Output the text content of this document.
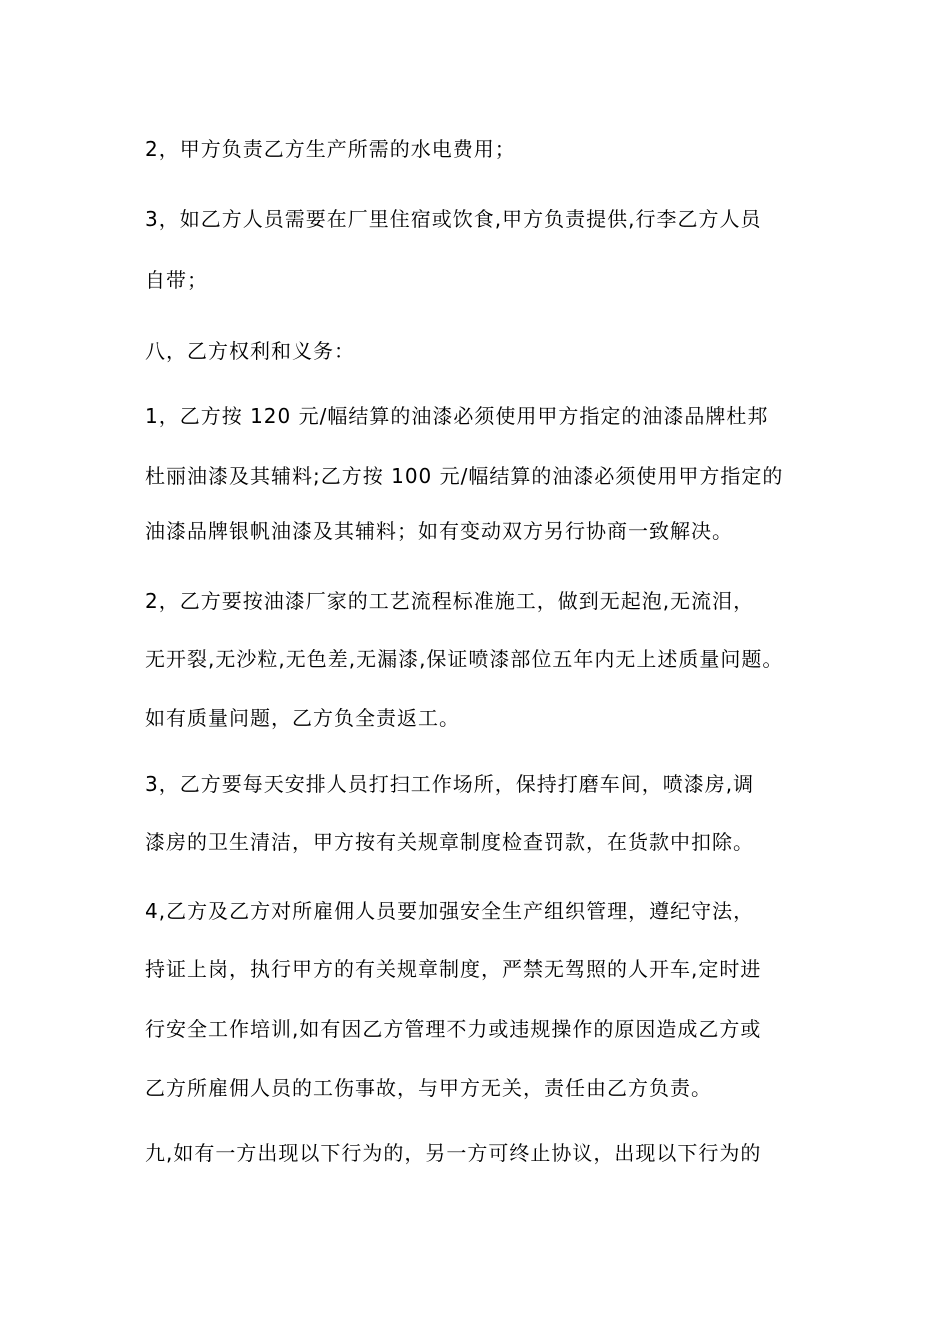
2，甲方负责乙方生产所需的水电费用；
3，如乙方人员需要在厂里住宿或饮食,甲方负责提供,行李乙方人员
自带；
八，乙方权利和义务：
1，乙方按 120 元/幅结算的油漆必须使用甲方指定的油漆品牌杜邦
杜丽油漆及其辅料;乙方按 100 元/幅结算的油漆必须使用甲方指定的
油漆品牌银帆油漆及其辅料；如有变动双方另行协商一致解决。
2，乙方要按油漆厂家的工艺流程标准施工，做到无起泡,无流泪，
无开裂,无沙粒,无色差,无漏漆,保证喷漆部位五年内无上述质量问题。
如有质量问题，乙方负全责返工。
3，乙方要每天安排人员打扫工作场所，保持打磨车间，喷漆房,调
漆房的卫生清洁，甲方按有关规章制度检查罚款，在货款中扣除。
4,乙方及乙方对所雇佣人员要加强安全生产组织管理，遵纪守法，
持证上岗，执行甲方的有关规章制度，严禁无驾照的人开车,定时进
行安全工作培训,如有因乙方管理不力或违规操作的原因造成乙方或
乙方所雇佣人员的工伤事故，与甲方无关，责任由乙方负责。
九,如有一方出现以下行为的，另一方可终止协议，出现以下行为的
